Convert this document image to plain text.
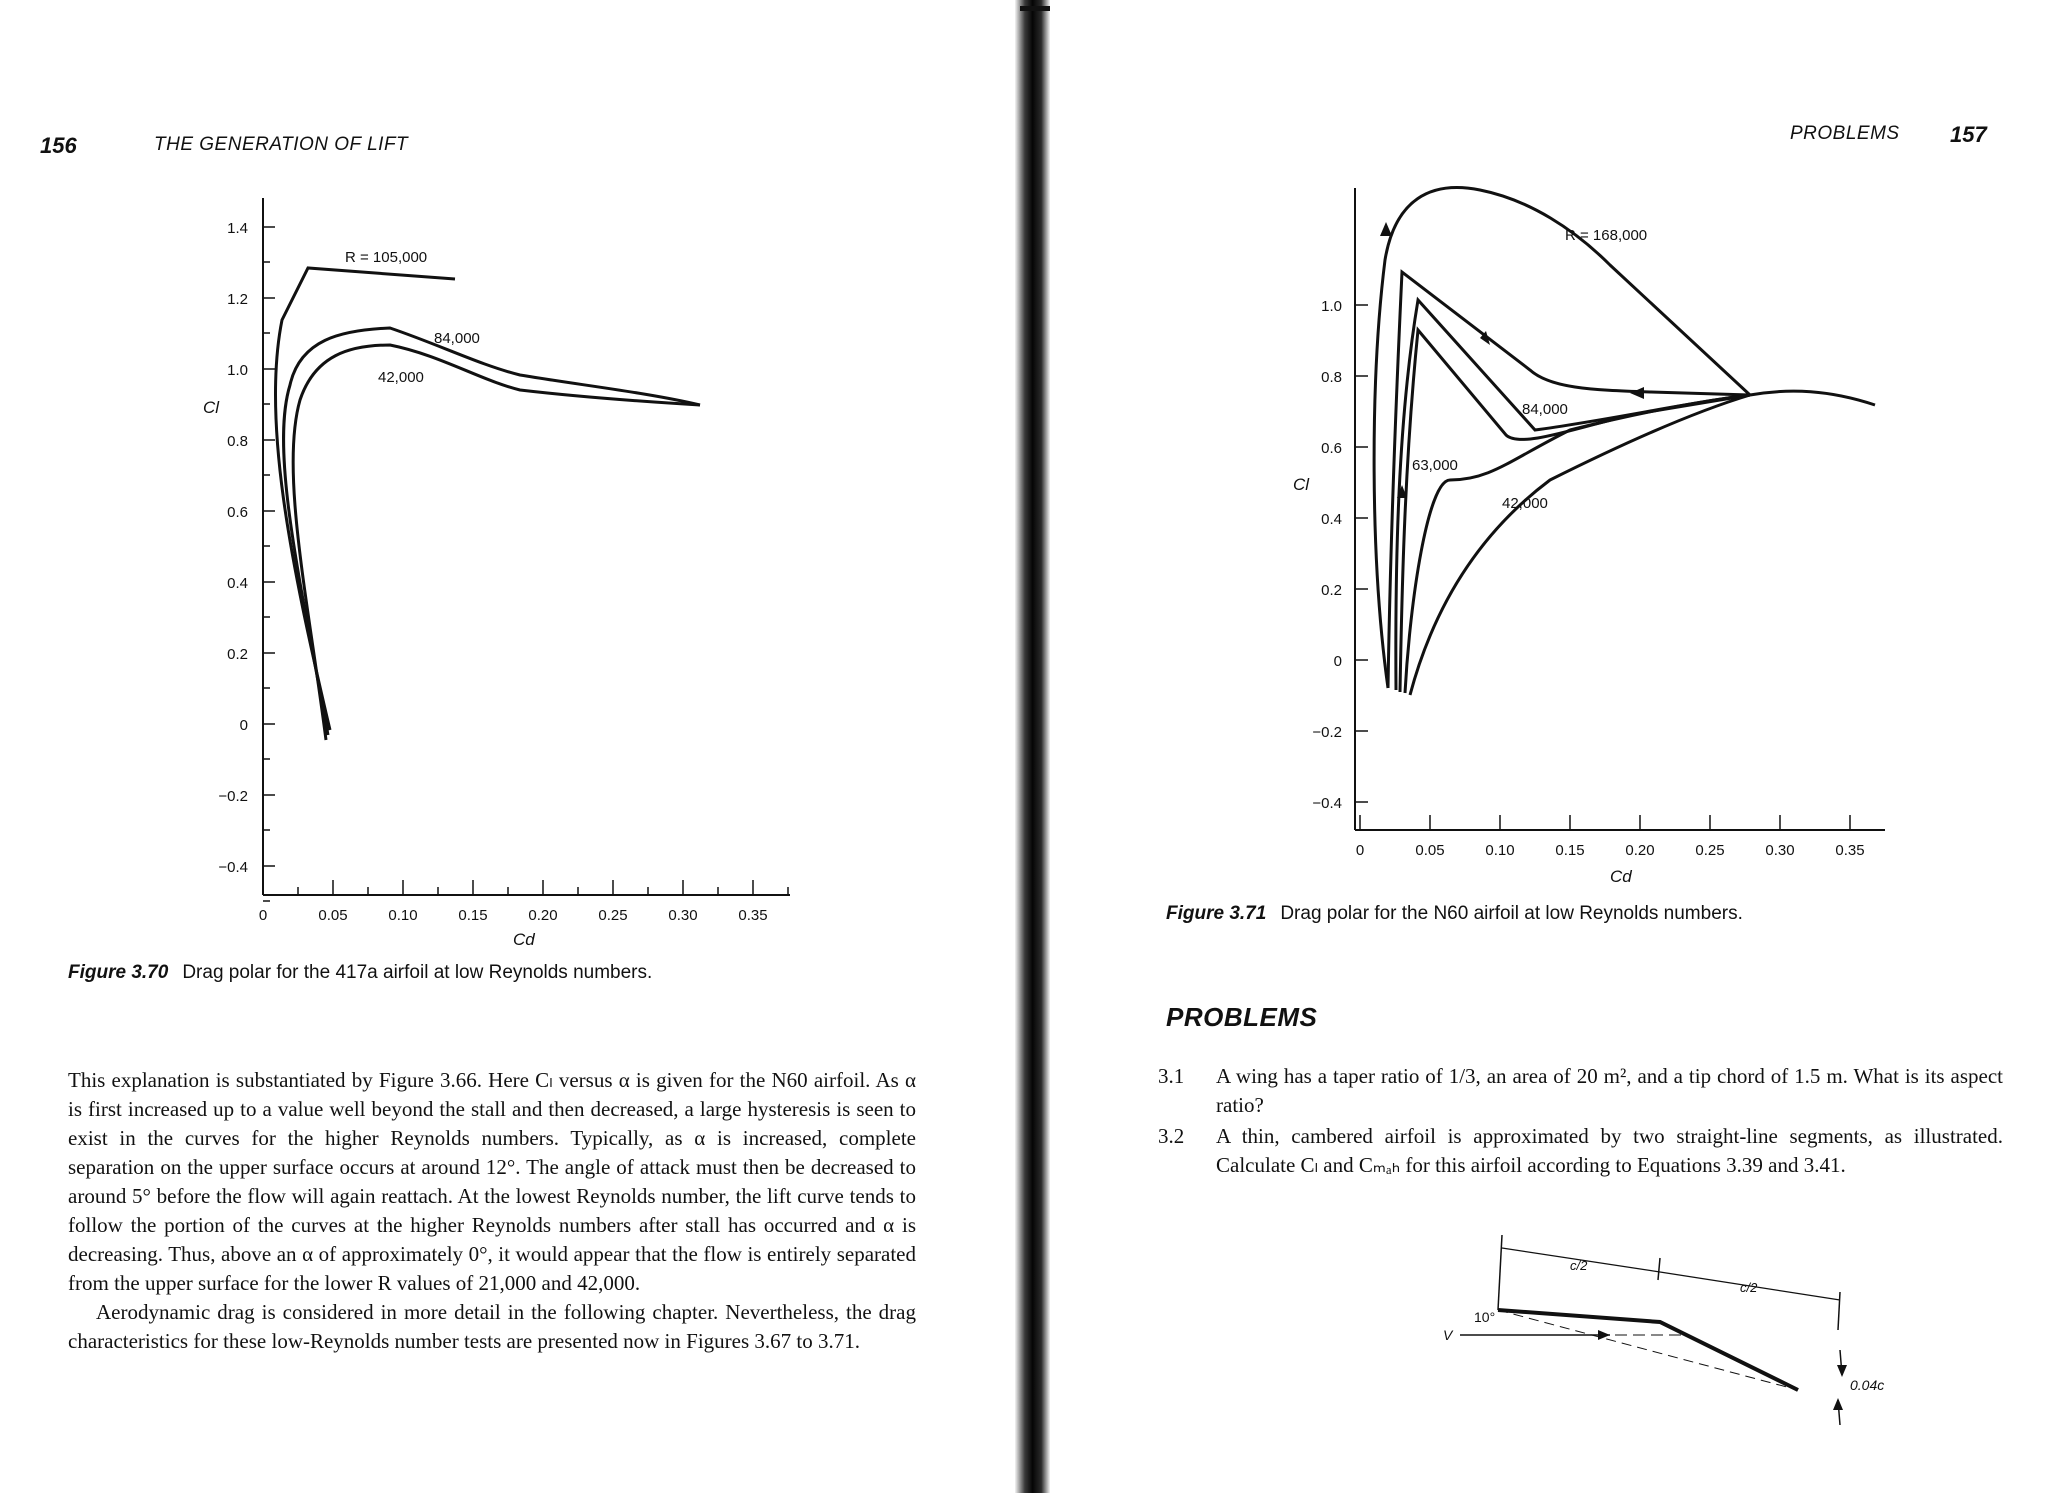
156	THE GENERATION OF LIFT
1.4
1.2
1.0
0.8
0.6
0.4
0.2
0
−0.2
−0.4
0	0.05	0.10	0.15	0.20	0.25	0.30	0.35
Cl
Cd
R = 105,000
84,000
42,000
Figure 3.70 Drag polar for the 417a airfoil at low Reynolds numbers.

This explanation is substantiated by Figure 3.66. Here Cₗ versus α is given for the N60 airfoil. As α is first increased up to a value well beyond the stall and then decreased, a large hysteresis is seen to exist in the curves for the higher Reynolds numbers. Typically, as α is increased, complete separation on the upper surface occurs at around 12°. The angle of attack must then be decreased to around 5° before the flow will again reattach. At the lowest Reynolds number, the lift curve tends to follow the portion of the curves at the higher Reynolds numbers after stall has occurred and α is decreasing. Thus, above an α of approximately 0°, it would appear that the flow is entirely separated from the upper surface for the lower R values of 21,000 and 42,000.

Aerodynamic drag is considered in more detail in the following chapter. Nevertheless, the drag characteristics for these low-Reynolds number tests are presented now in Figures 3.67 to 3.71.

PROBLEMS 157
1.0
0.8
0.6
0.4
0.2
0
−0.2
−0.4
0	0.05	0.10	0.15	0.20	0.25	0.30	0.35
Cl
Cd
R = 168,000
84,000
63,000
42,000
Figure 3.71 Drag polar for the N60 airfoil at low Reynolds numbers.
PROBLEMS
3.1 A wing has a taper ratio of 1/3, an area of 20 m², and a tip chord of 1.5 m. What is its aspect ratio?
3.2 A thin, cambered airfoil is approximated by two straight-line segments, as illustrated. Calculate Cₗ and Cₘₐₕ for this airfoil according to Equations 3.39 and 3.41.
c/2
c/2
10°
V
0.04c
